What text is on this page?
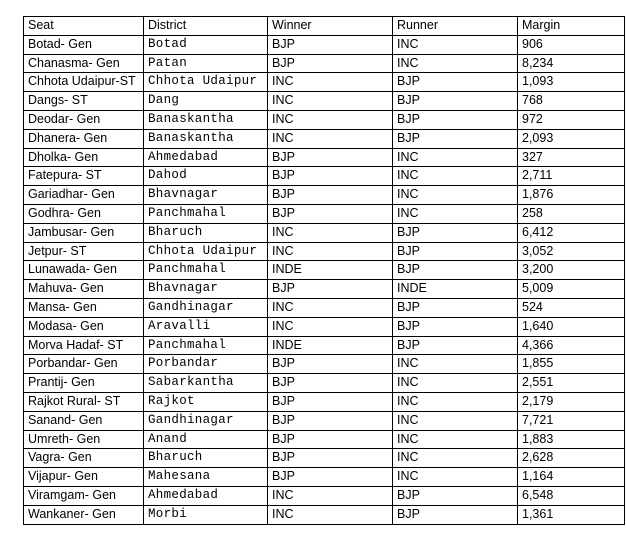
Seat	District	Winner	Runner	Margin
Botad- Gen	Botad	BJP	INC	906
Chanasma- Gen	Patan	BJP	INC	8,234
Chhota Udaipur-ST	Chhota Udaipur	INC	BJP	1,093
Dangs- ST	Dang	INC	BJP	768
Deodar- Gen	Banaskantha	INC	BJP	972
Dhanera- Gen	Banaskantha	INC	BJP	2,093
Dholka- Gen	Ahmedabad	BJP	INC	327
Fatepura- ST	Dahod	BJP	INC	2,711
Gariadhar- Gen	Bhavnagar	BJP	INC	1,876
Godhra- Gen	Panchmahal	BJP	INC	258
Jambusar- Gen	Bharuch	INC	BJP	6,412
Jetpur- ST	Chhota Udaipur	INC	BJP	3,052
Lunawada- Gen	Panchmahal	INDE	BJP	3,200
Mahuva- Gen	Bhavnagar	BJP	INDE	5,009
Mansa- Gen	Gandhinagar	INC	BJP	524
Modasa- Gen	Aravalli	INC	BJP	1,640
Morva Hadaf- ST	Panchmahal	INDE	BJP	4,366
Porbandar- Gen	Porbandar	BJP	INC	1,855
Prantij- Gen	Sabarkantha	BJP	INC	2,551
Rajkot Rural- ST	Rajkot	BJP	INC	2,179
Sanand- Gen	Gandhinagar	BJP	INC	7,721
Umreth- Gen	Anand	BJP	INC	1,883
Vagra- Gen	Bharuch	BJP	INC	2,628
Vijapur- Gen	Mahesana	BJP	INC	1,164
Viramgam- Gen	Ahmedabad	INC	BJP	6,548
Wankaner- Gen	Morbi	INC	BJP	1,361
